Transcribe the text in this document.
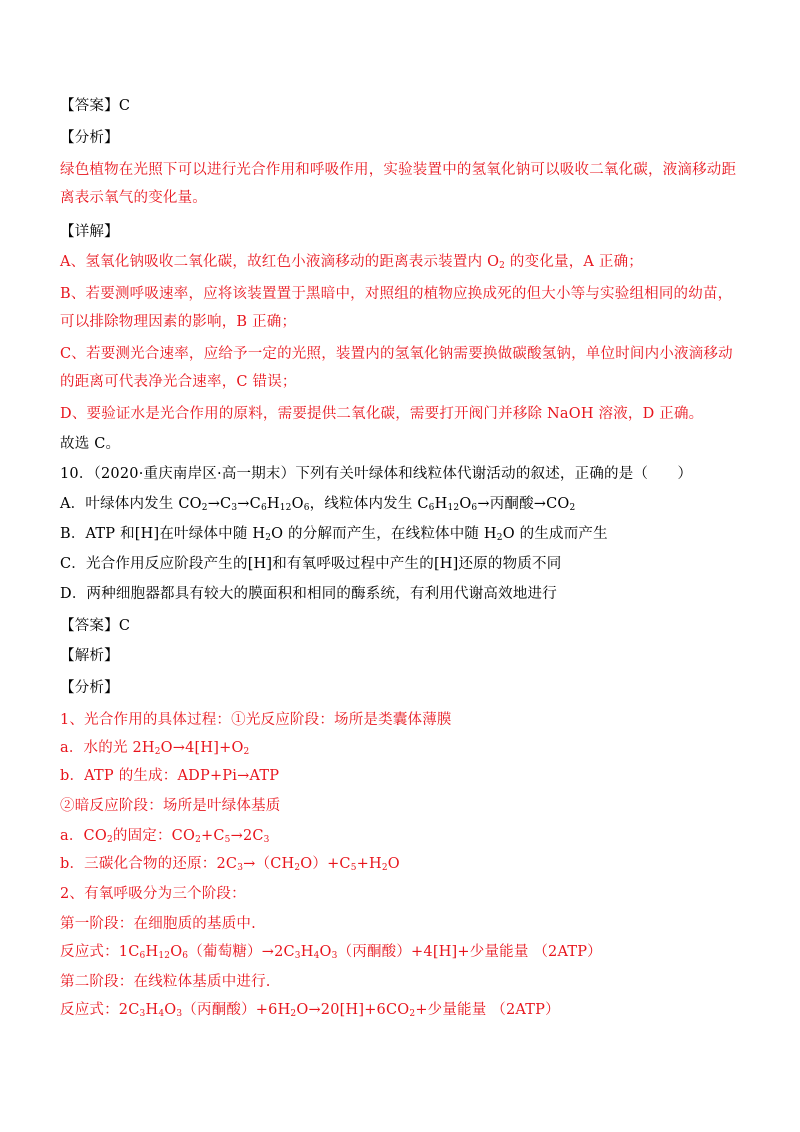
【答案】C
【分析】
绿色植物在光照下可以进行光合作用和呼吸作用，实验装置中的氢氧化钠可以吸收二氧化碳，液滴移动距
离表示氧气的变化量。
【详解】
A、氢氧化钠吸收二氧化碳，故红色小液滴移动的距离表示装置内 $O_2$ 的变化量，A 正确；
B、若要测呼吸速率，应将该装置置于黑暗中，对照组的植物应换成死的但大小等与实验组相同的幼苗，
可以排除物理因素的影响，B 正确；
C、若要测光合速率，应给予一定的光照，装置内的氢氧化钠需要换做碳酸氢钠，单位时间内小液滴移动
的距离可代表净光合速率，C 错误；
D、要验证水是光合作用的原料，需要提供二氧化碳，需要打开阀门并移除 NaOH 溶液，D 正确。
故选 C。
10．（2020·重庆南岸区·高一期末）下列有关叶绿体和线粒体代谢活动的叙述，正确的是（　　）
A．叶绿体内发生 $CO_2\to C_3\to C_6H_{12}O_6$，线粒体内发生 $C_6H_{12}O_6\to$丙酮酸$\to CO_2$
B．ATP 和[H]在叶绿体中随 $H_2O$ 的分解而产生，在线粒体中随 $H_2O$ 的生成而产生
C．光合作用反应阶段产生的[H]和有氧呼吸过程中产生的[H]还原的物质不同
D．两种细胞器都具有较大的膜面积和相同的酶系统，有利用代谢高效地进行
【答案】C
【解析】
【分析】
1、光合作用的具体过程：①光反应阶段：场所是类囊体薄膜
a．水的光 $2H_2O\to 4[H]+O_2$
b．ATP 的生成：ADP+Pi→ATP
②暗反应阶段：场所是叶绿体基质
a．$CO_2$的固定：$CO_2+C_5\to 2C_3$
b．三碳化合物的还原：$2C_3\to(CH_2O)+C_5+H_2O$
2、有氧呼吸分为三个阶段：
第一阶段：在细胞质的基质中.
反应式：$1C_6H_{12}O_6$（葡萄糖）$\to 2C_3H_4O_3$（丙酮酸）+4[H]+少量能量 （2ATP）
第二阶段：在线粒体基质中进行.
反应式：$2C_3H_4O_3$（丙酮酸）$+6H_2O\to 20[H]+6CO_2+$少量能量 （2ATP）
